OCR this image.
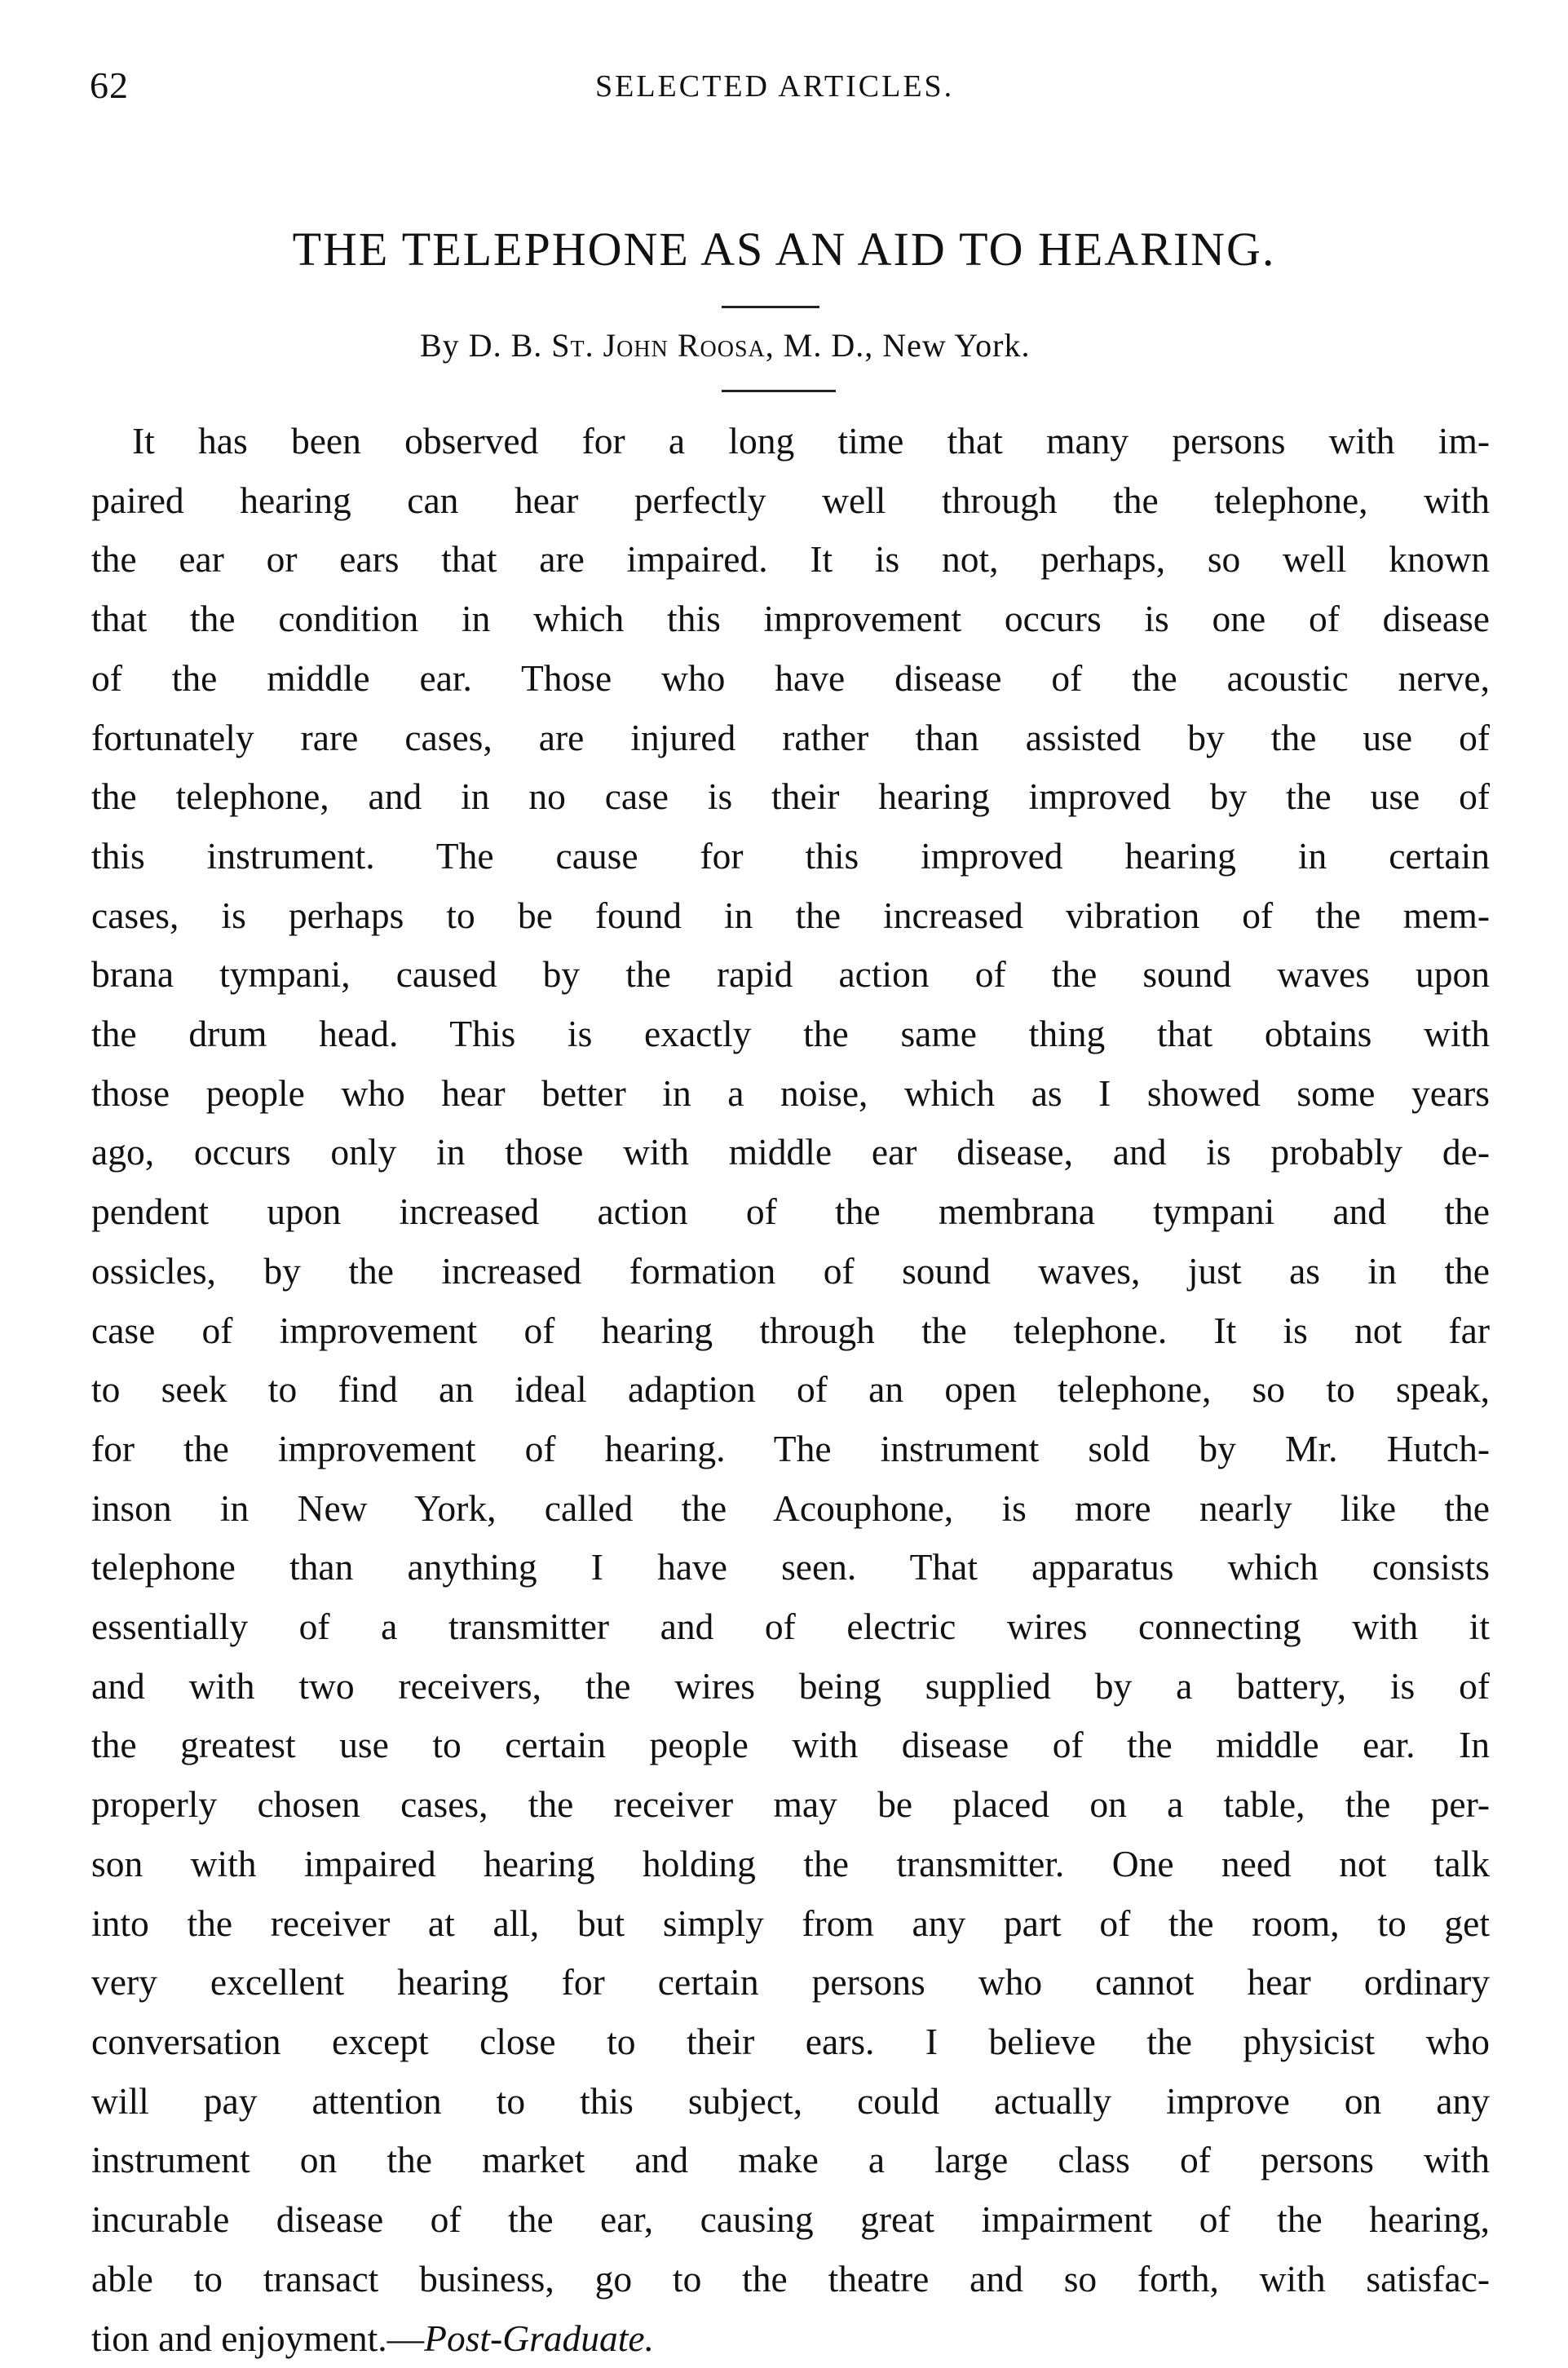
62	SELECTED ARTICLES.
THE TELEPHONE AS AN AID TO HEARING.
By D. B. St. John Roosa, M. D., New York.
It has been observed for a long time that many persons with im-
paired hearing can hear perfectly well through the telephone, with
the ear or ears that are impaired. It is not, perhaps, so well known
that the condition in which this improvement occurs is one of disease
of the middle ear. Those who have disease of the acoustic nerve,
fortunately rare cases, are injured rather than assisted by the use of
the telephone, and in no case is their hearing improved by the use of
this instrument. The cause for this improved hearing in certain
cases, is perhaps to be found in the increased vibration of the mem-
brana tympani, caused by the rapid action of the sound waves upon
the drum head. This is exactly the same thing that obtains with
those people who hear better in a noise, which as I showed some years
ago, occurs only in those with middle ear disease, and is probably de-
pendent upon increased action of the membrana tympani and the
ossicles, by the increased formation of sound waves, just as in the
case of improvement of hearing through the telephone. It is not far
to seek to find an ideal adaption of an open telephone, so to speak,
for the improvement of hearing. The instrument sold by Mr. Hutch-
inson in New York, called the Acouphone, is more nearly like the
telephone than anything I have seen. That apparatus which consists
essentially of a transmitter and of electric wires connecting with it
and with two receivers, the wires being supplied by a battery, is of
the greatest use to certain people with disease of the middle ear. In
properly chosen cases, the receiver may be placed on a table, the per-
son with impaired hearing holding the transmitter. One need not talk
into the receiver at all, but simply from any part of the room, to get
very excellent hearing for certain persons who cannot hear ordinary
conversation except close to their ears. I believe the physicist who
will pay attention to this subject, could actually improve on any
instrument on the market and make a large class of persons with
incurable disease of the ear, causing great impairment of the hearing,
able to transact business, go to the theatre and so forth, with satisfac-
tion and enjoyment.—Post-Graduate.
